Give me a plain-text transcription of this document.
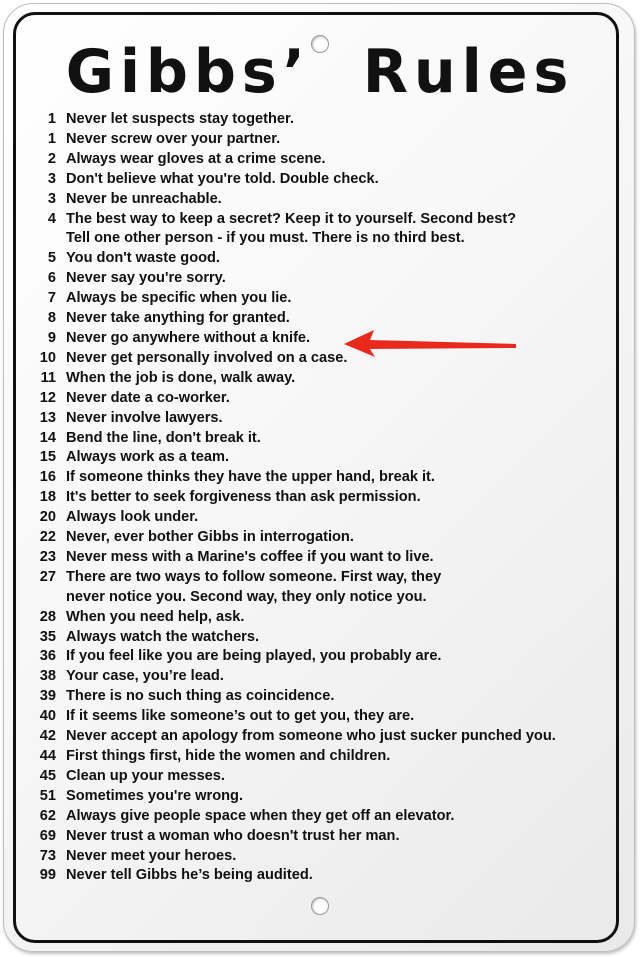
Gibbs’ Rules
1 Never let suspects stay together.
1 Never screw over your partner.
2 Always wear gloves at a crime scene.
3 Don't believe what you're told. Double check.
3 Never be unreachable.
4 The best way to keep a secret? Keep it to yourself. Second best?
Tell one other person - if you must. There is no third best.
5 You don't waste good.
6 Never say you're sorry.
7 Always be specific when you lie.
8 Never take anything for granted.
9 Never go anywhere without a knife.
10 Never get personally involved on a case.
11 When the job is done, walk away.
12 Never date a co-worker.
13 Never involve lawyers.
14 Bend the line, don't break it.
15 Always work as a team.
16 If someone thinks they have the upper hand, break it.
18 It's better to seek forgiveness than ask permission.
20 Always look under.
22 Never, ever bother Gibbs in interrogation.
23 Never mess with a Marine's coffee if you want to live.
27 There are two ways to follow someone. First way, they
never notice you. Second way, they only notice you.
28 When you need help, ask.
35 Always watch the watchers.
36 If you feel like you are being played, you probably are.
38 Your case, you’re lead.
39 There is no such thing as coincidence.
40 If it seems like someone’s out to get you, they are.
42 Never accept an apology from someone who just sucker punched you.
44 First things first, hide the women and children.
45 Clean up your messes.
51 Sometimes you're wrong.
62 Always give people space when they get off an elevator.
69 Never trust a woman who doesn't trust her man.
73 Never meet your heroes.
99 Never tell Gibbs he’s being audited.
